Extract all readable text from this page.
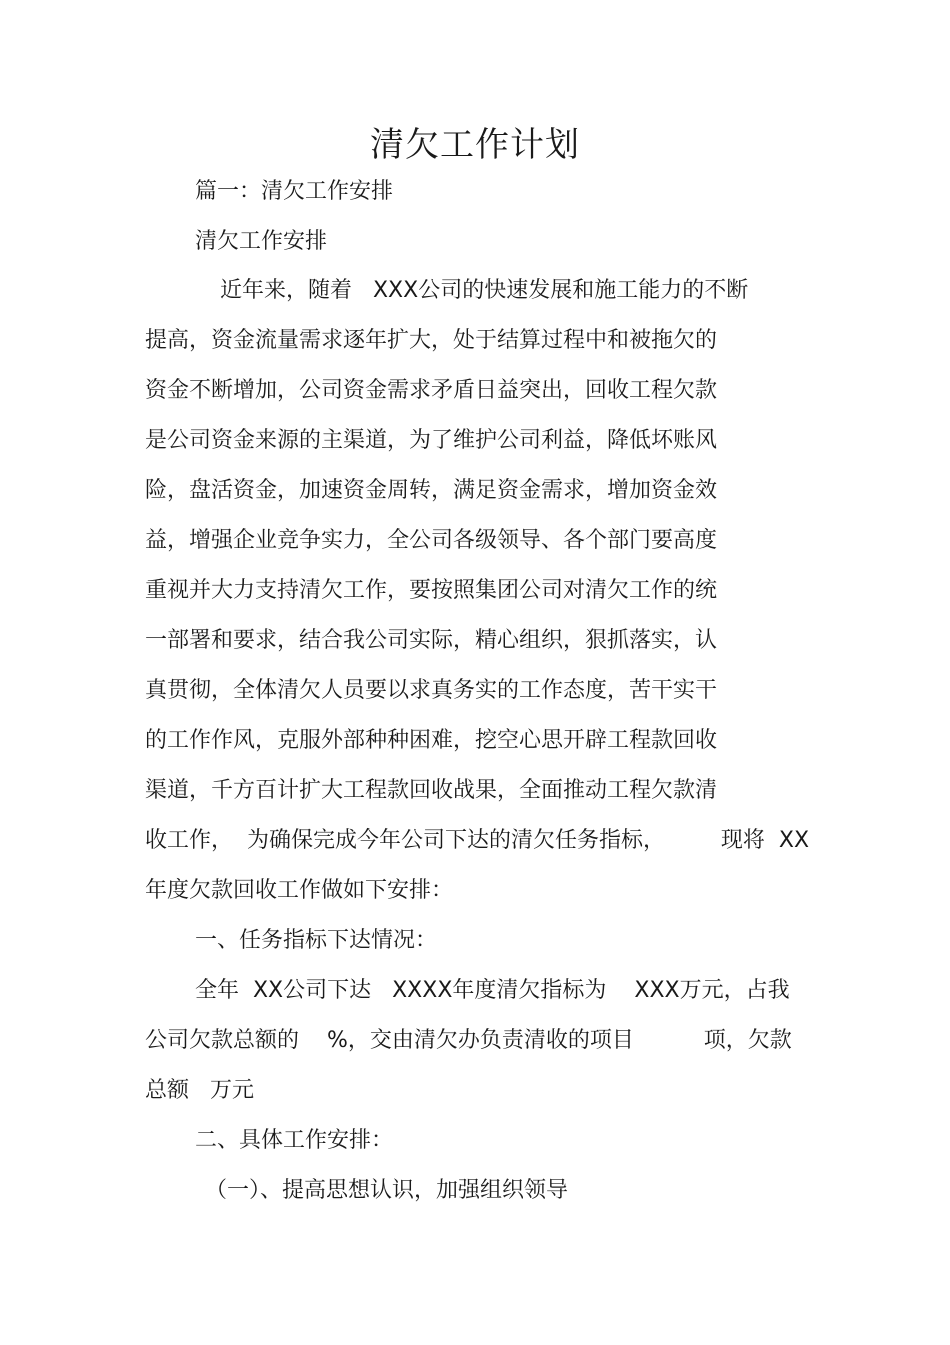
清欠工作计划

篇一：清欠工作安排

清欠工作安排

近年来，随着   XXX公司的快速发展和施工能力的不断

提高，资金流量需求逐年扩大，处于结算过程中和被拖欠的

资金不断增加，公司资金需求矛盾日益突出，回收工程欠款

是公司资金来源的主渠道，为了维护公司利益，降低坏账风

险，盘活资金，加速资金周转，满足资金需求，增加资金效

益，增强企业竞争实力，全公司各级领导、各个部门要高度

重视并大力支持清欠工作，要按照集团公司对清欠工作的统

一部署和要求，结合我公司实际，精心组织，狠抓落实，认

真贯彻，全体清欠人员要以求真务实的工作态度，苦干实干

的工作作风，克服外部种种困难，挖空心思开辟工程款回收

渠道，千方百计扩大工程款回收战果，全面推动工程欠款清

收工作，  为确保完成今年公司下达的清欠任务指标，        现将  XX

年度欠款回收工作做如下安排：

一、任务指标下达情况：

全年  XX公司下达   XXXX年度清欠指标为    XXX万元，占我

公司欠款总额的    %，交由清欠办负责清收的项目          项，欠款

总额   万元

二、具体工作安排：

（一）、提高思想认识，加强组织领导
